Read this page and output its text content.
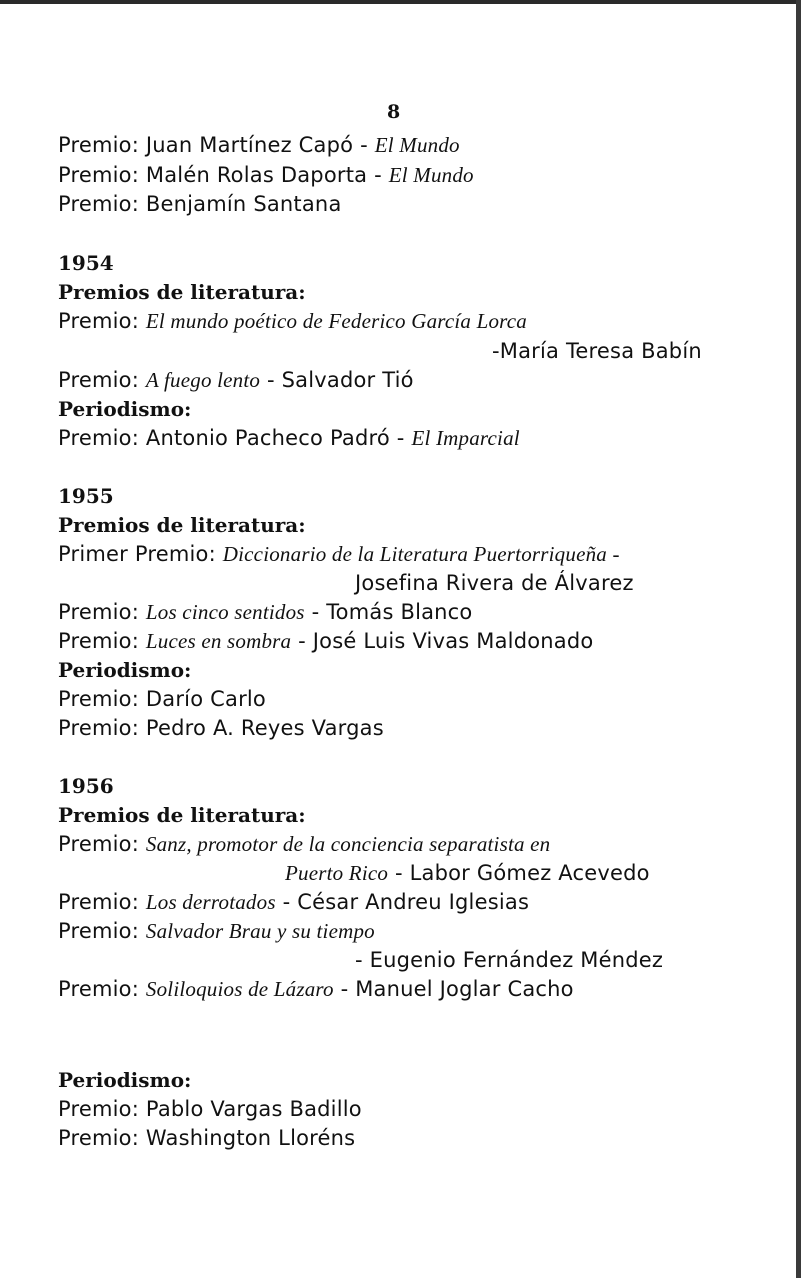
8
Premio: Juan Martínez Capó - El Mundo
Premio: Malén Rolas Daporta - El Mundo
Premio: Benjamín Santana
1954
Premios de literatura:
Premio: El mundo poético de Federico García Lorca
-María Teresa Babín
Premio: A fuego lento - Salvador Tió
Periodismo:
Premio: Antonio Pacheco Padró - El Imparcial
1955
Premios de literatura:
Primer Premio: Diccionario de la Literatura Puertorriqueña -
Josefina Rivera de Álvarez
Premio: Los cinco sentidos - Tomás Blanco
Premio: Luces en sombra - José Luis Vivas Maldonado
Periodismo:
Premio: Darío Carlo
Premio: Pedro A. Reyes Vargas
1956
Premios de literatura:
Premio: Sanz, promotor de la conciencia separatista en
Puerto Rico - Labor Gómez Acevedo
Premio: Los derrotados - César Andreu Iglesias
Premio: Salvador Brau y su tiempo
- Eugenio Fernández Méndez
Premio: Soliloquios de Lázaro - Manuel Joglar Cacho
Periodismo:
Premio: Pablo Vargas Badillo
Premio: Washington Lloréns
